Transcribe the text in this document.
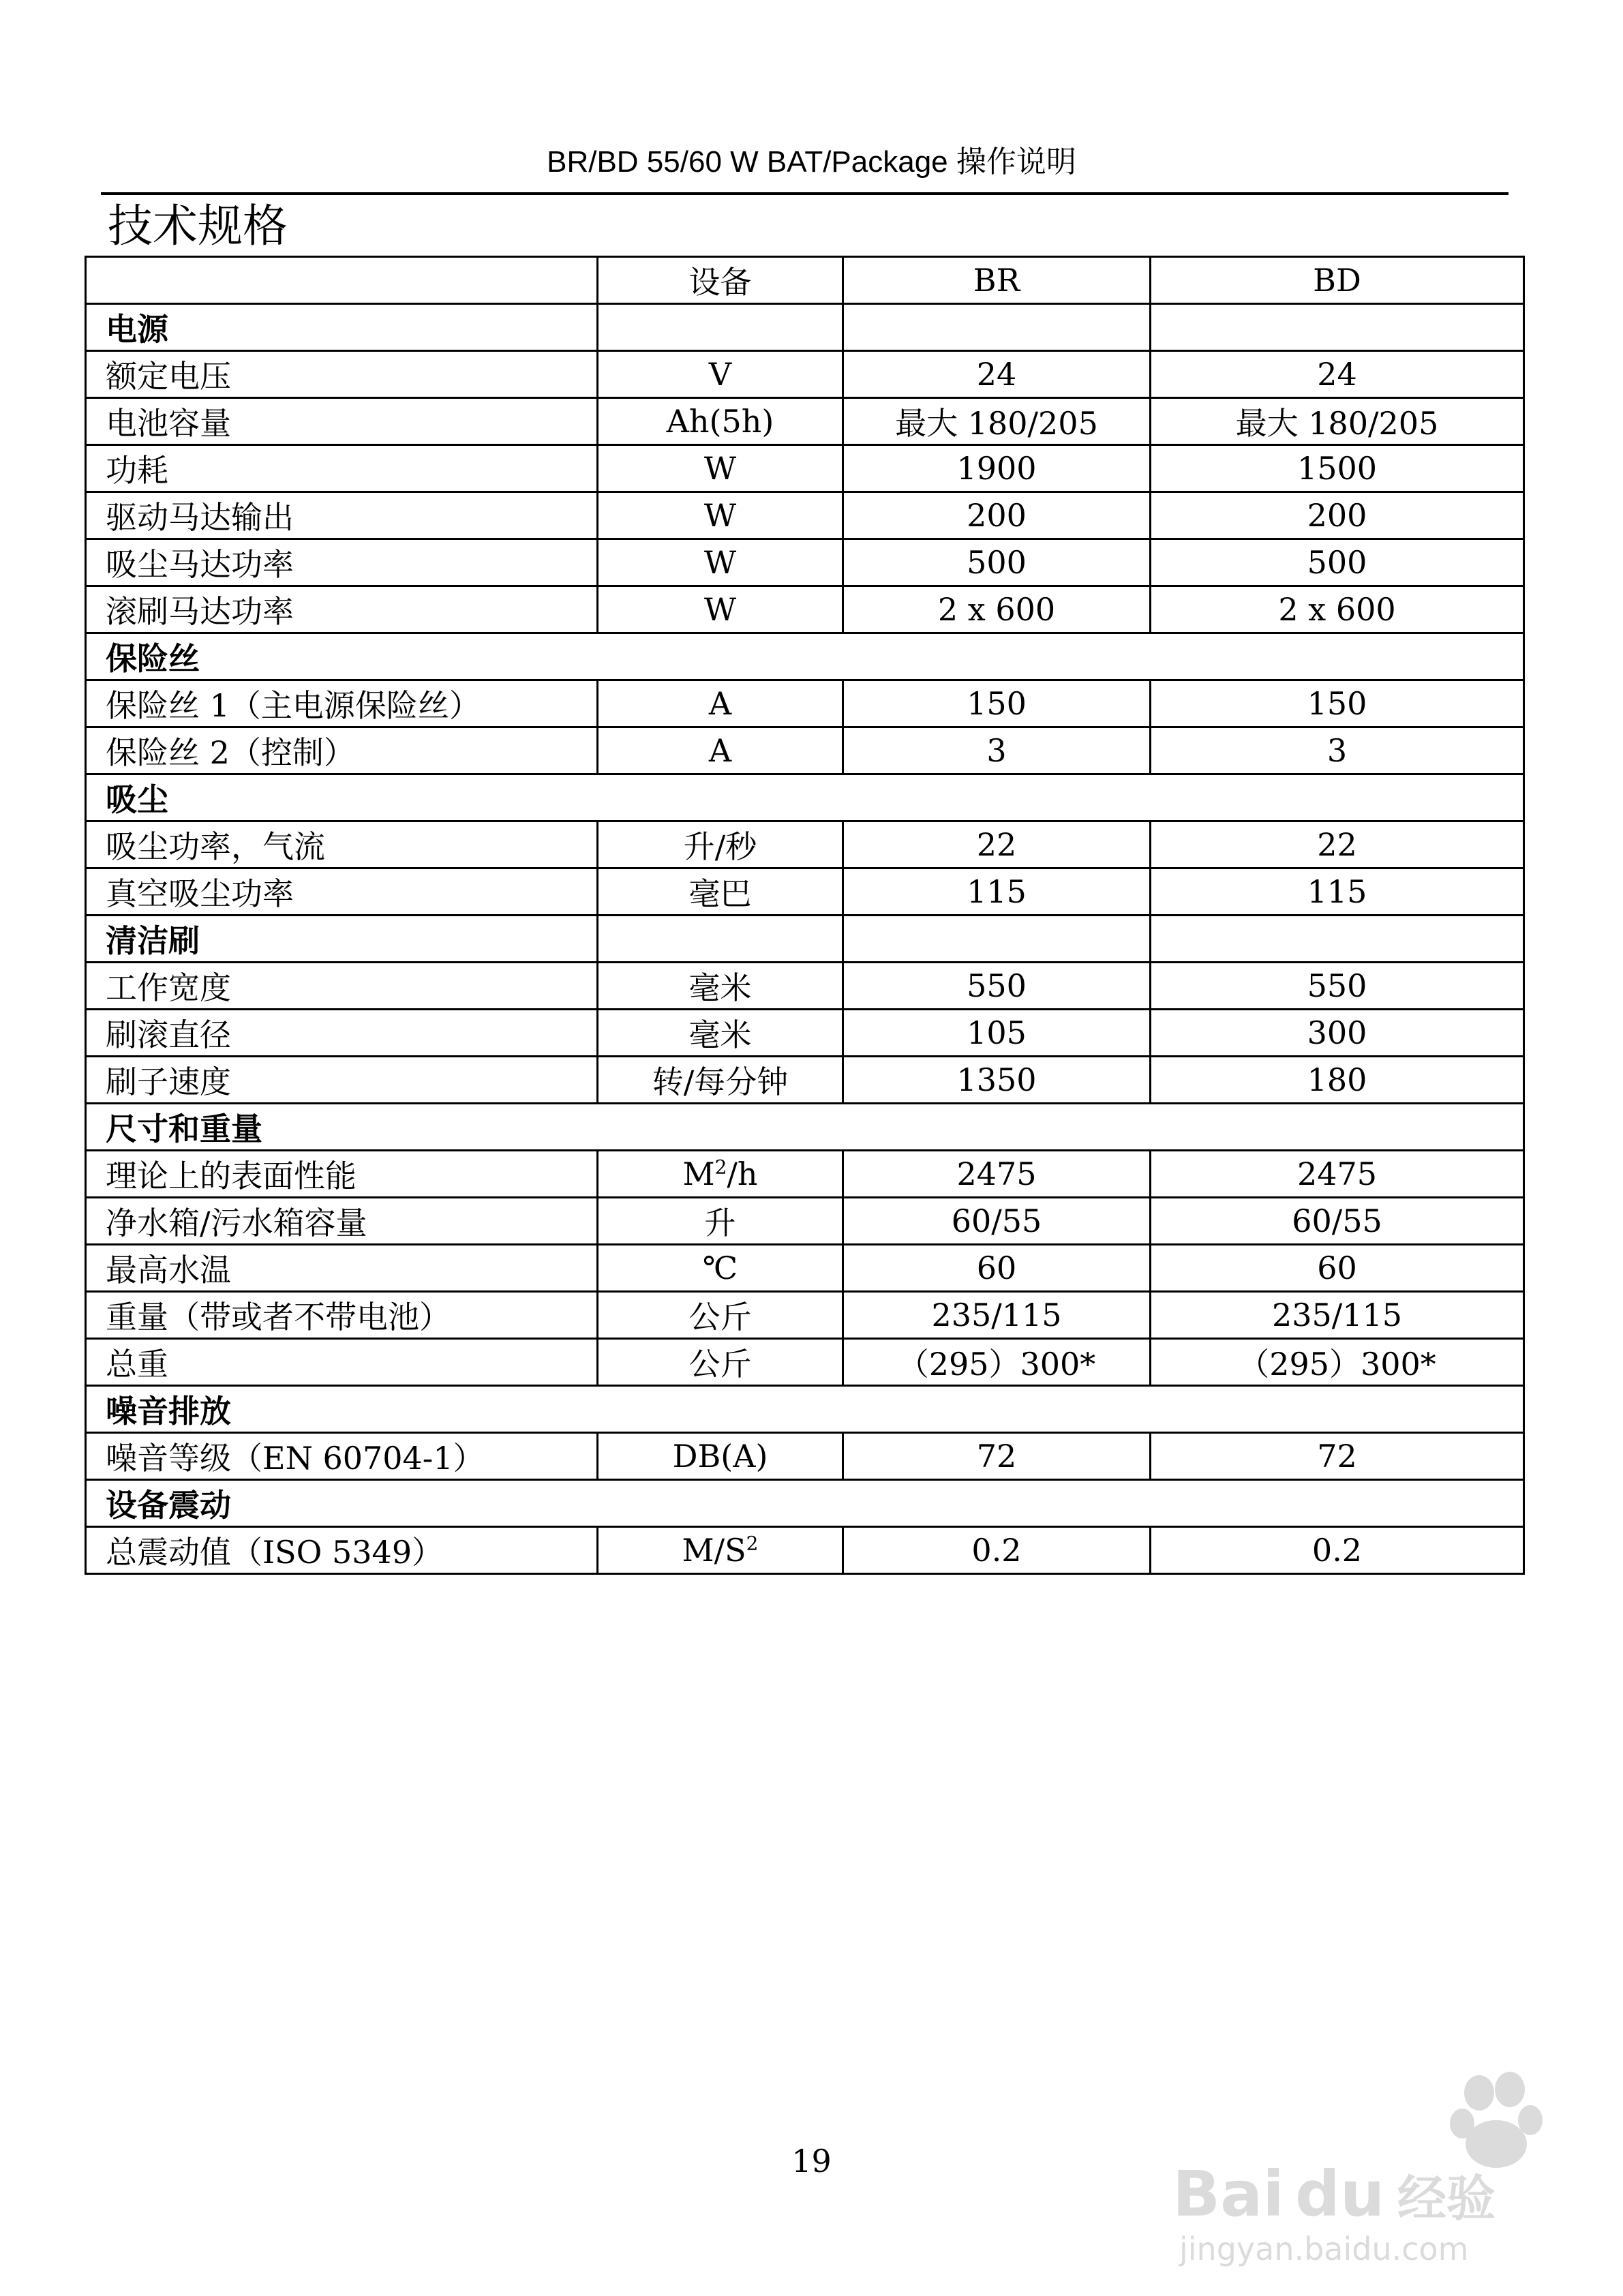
BR/BD 55/60 W BAT/Package 操作说明
技术规格
	设备	BR	BD
电源			
额定电压	V	24	24
电池容量	Ah(5h)	最大 180/205	最大 180/205
功耗	W	1900	1500
驱动马达输出	W	200	200
吸尘马达功率	W	500	500
滚刷马达功率	W	2 x 600	2 x 600
保险丝			
保险丝 1（主电源保险丝）	A	150	150
保险丝 2（控制）	A	3	3
吸尘			
吸尘功率，气流	升/秒	22	22
真空吸尘功率	毫巴	115	115
清洁刷			
工作宽度	毫米	550	550
刷滚直径	毫米	105	300
刷子速度	转/每分钟	1350	180
尺寸和重量			
理论上的表面性能	$M^2/h$	2475	2475
净水箱/污水箱容量	升	60/55	60/55
最高水温	℃	60	60
重量（带或者不带电池）	公斤	235/115	235/115
总重	公斤	（295）300*	（295）300*
噪音排放			
噪音等级（EN 60704-1）	DB(A)	72	72
设备震动			
总震动值（ISO 5349）	$M/S^2$	0.2	0.2
19	Bai du 经验
jingyan.baidu.com
